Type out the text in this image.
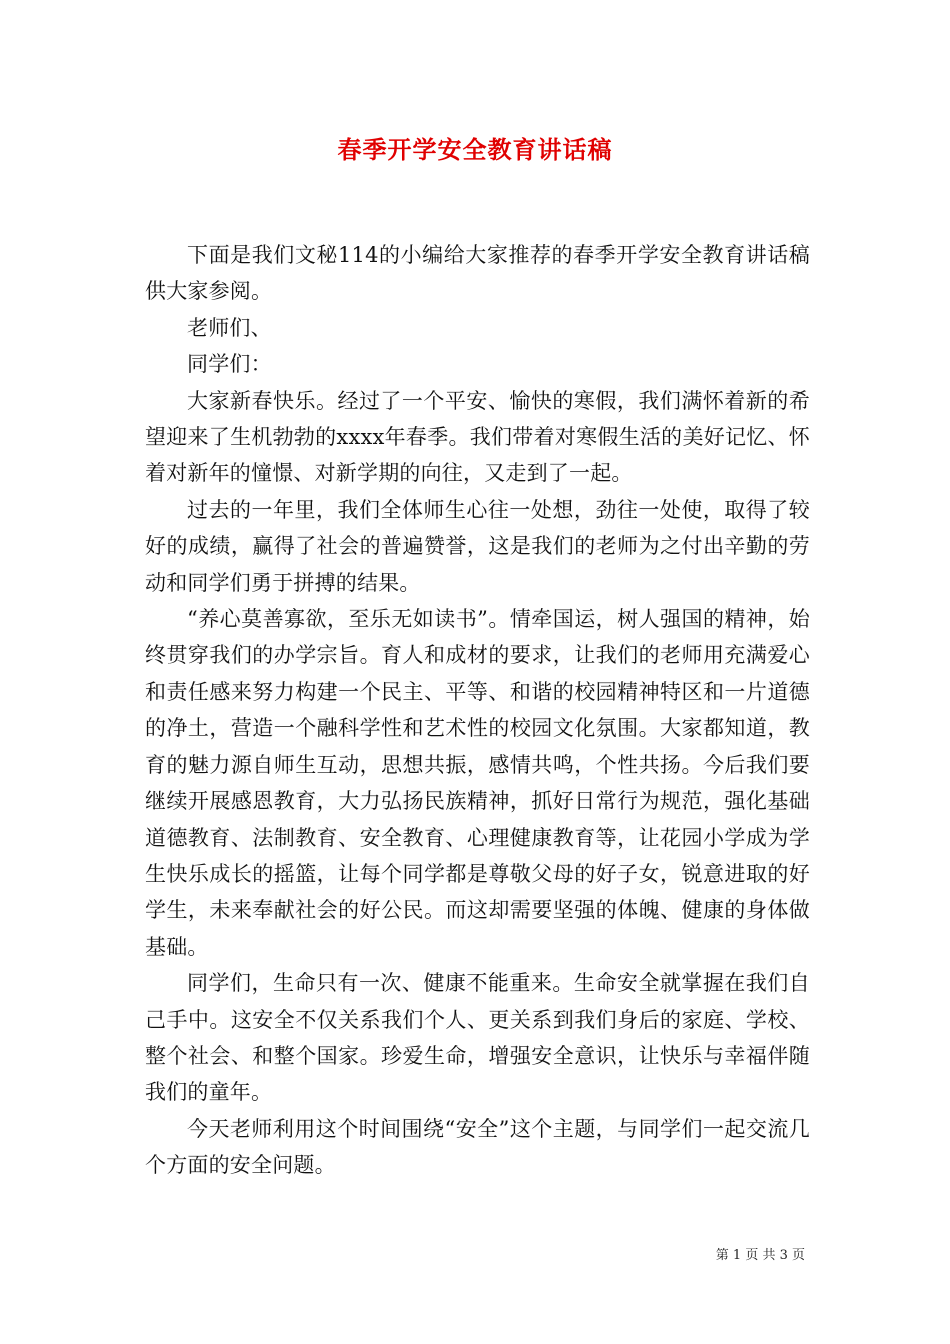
春季开学安全教育讲话稿

下面是我们文秘114的小编给大家推荐的春季开学安全教育讲话稿供大家参阅。

老师们、

同学们：

大家新春快乐。经过了一个平安、愉快的寒假，我们满怀着新的希望迎来了生机勃勃的xxxx年春季。我们带着对寒假生活的美好记忆、怀着对新年的憧憬、对新学期的向往，又走到了一起。

过去的一年里，我们全体师生心往一处想，劲往一处使，取得了较好的成绩，赢得了社会的普遍赞誉，这是我们的老师为之付出辛勤的劳动和同学们勇于拼搏的结果。

“养心莫善寡欲，至乐无如读书”。情牵国运，树人强国的精神，始终贯穿我们的办学宗旨。育人和成材的要求，让我们的老师用充满爱心和责任感来努力构建一个民主、平等、和谐的校园精神特区和一片道德的净土，营造一个融科学性和艺术性的校园文化氛围。大家都知道，教育的魅力源自师生互动，思想共振，感情共鸣，个性共扬。今后我们要继续开展感恩教育，大力弘扬民族精神，抓好日常行为规范，强化基础道德教育、法制教育、安全教育、心理健康教育等，让花园小学成为学生快乐成长的摇篮，让每个同学都是尊敬父母的好子女，锐意进取的好学生，未来奉献社会的好公民。而这却需要坚强的体魄、健康的身体做基础。

同学们，生命只有一次、健康不能重来。生命安全就掌握在我们自己手中。这安全不仅关系我们个人、更关系到我们身后的家庭、学校、整个社会、和整个国家。珍爱生命，增强安全意识，让快乐与幸福伴随我们的童年。

今天老师利用这个时间围绕“安全”这个主题，与同学们一起交流几个方面的安全问题。

第 1 页 共 3 页
